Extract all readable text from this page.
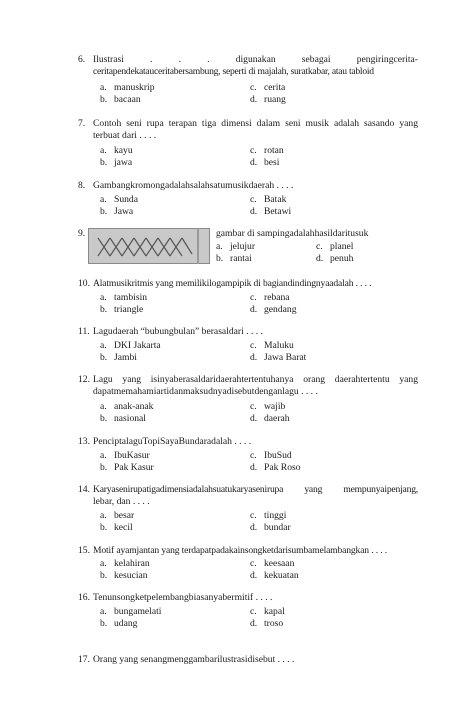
6. Ilustrasi . . . digunakan sebagai pengiringcerita-
ceritapendekatauceritabersambung, seperti di majalah, suratkabar, atau tabloid
a. manuskrip	c. cerita
b. bacaan	d. ruang
7. Contoh seni rupa terapan tiga dimensi dalam seni musik adalah sasando yang
terbuat dari . . . .
a. kayu	c. rotan
b. jawa	d. besi
8. Gambangkromongadalahsalahsatumusikdaerah . . . .
a. Sunda	c. Batak
b. Jawa	d. Betawi
9.	gambar di sampingadalahhasildaritusuk
a. jelujur	c. planel
b. rantai	d. penuh
10. Alatmusikritmis yang memilikilogampipik di bagiandindingnyaadalah . . . .
a. tambisin	c. rebana
b. triangle	d. gendang
11. Lagudaerah “bubungbulan” berasaldari . . . .
a. DKI Jakarta	c. Maluku
b. Jambi	d. Jawa Barat
12. Lagu yang isinyaberasaldaridaerahtertentuhanya orang daerahtertentu yang
dapatmemahamiartidanmaksudnyadisebutdenganlagu . . . .
a. anak-anak	c. wajib
b. nasional	d. daerah
13. PenciptalaguTopiSayaBundaradalah . . . .
a. IbuKasur	c. IbuSud
b. Pak Kasur	d. Pak Roso
14. Karyasenirupatigadimensiadalahsuatukaryasenirupa yang mempunyaipenjang,
lebar, dan . . . .
a. besar	c. tinggi
b. kecil	d. bundar
15. Motif ayamjantan yang terdapatpadakainsongketdarisumbamelambangkan . . . .
a. kelahiran	c. keesaan
b. kesucian	d. kekuatan
16. Tenunsongketpelembangbiasanyabermitif . . . .
a. bungamelati	c. kapal
b. udang	d. troso
17. Orang yang senangmenggambarilustrasidisebut . . . .
